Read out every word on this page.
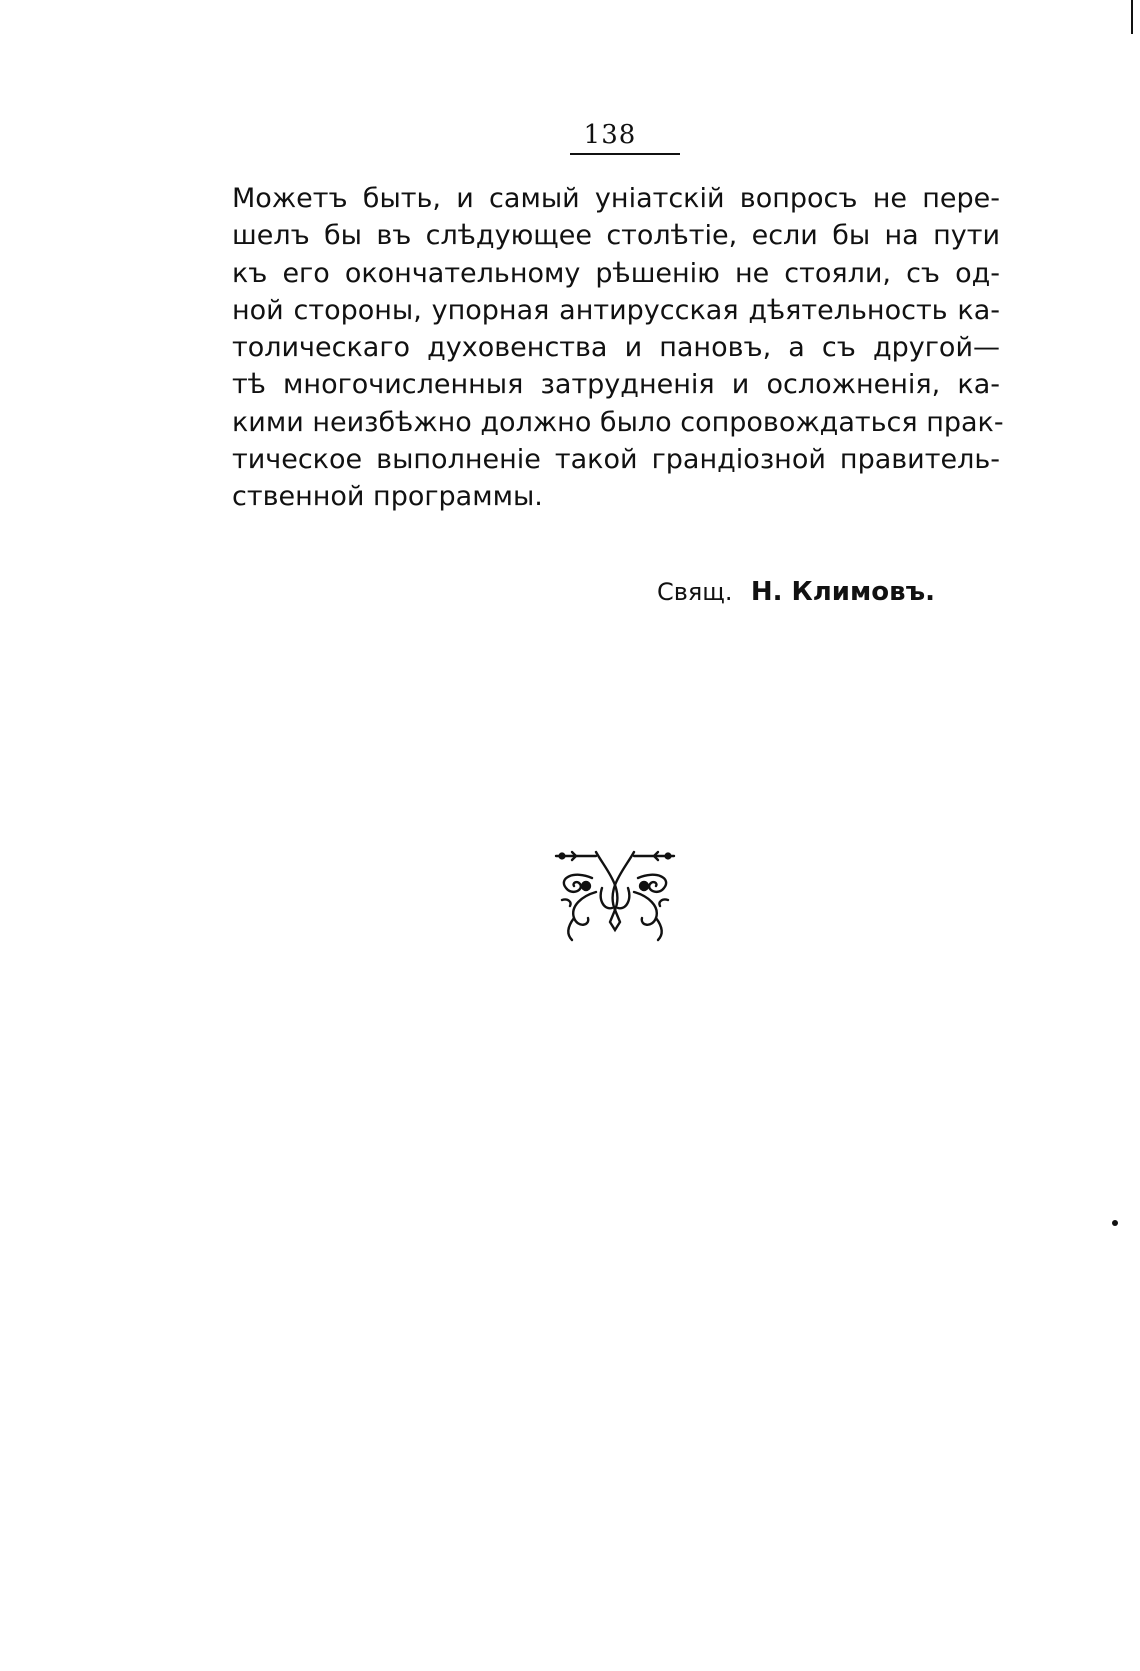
138
Можетъ быть, и самый уніатскій вопросъ не пере-
шелъ бы въ слѣдующее столѣтіе, если бы на пути
къ его окончательному рѣшенію не стояли, съ од-
ной стороны, упорная антирусская дѣятельность ка-
толическаго духовенства и пановъ, а съ другой—
тѣ многочисленныя затрудненія и осложненія, ка-
кими неизбѣжно должно было сопровождаться прак-
тическое выполненіе такой грандіозной правитель-
ственной программы.
Свящ. Н. Климовъ.
